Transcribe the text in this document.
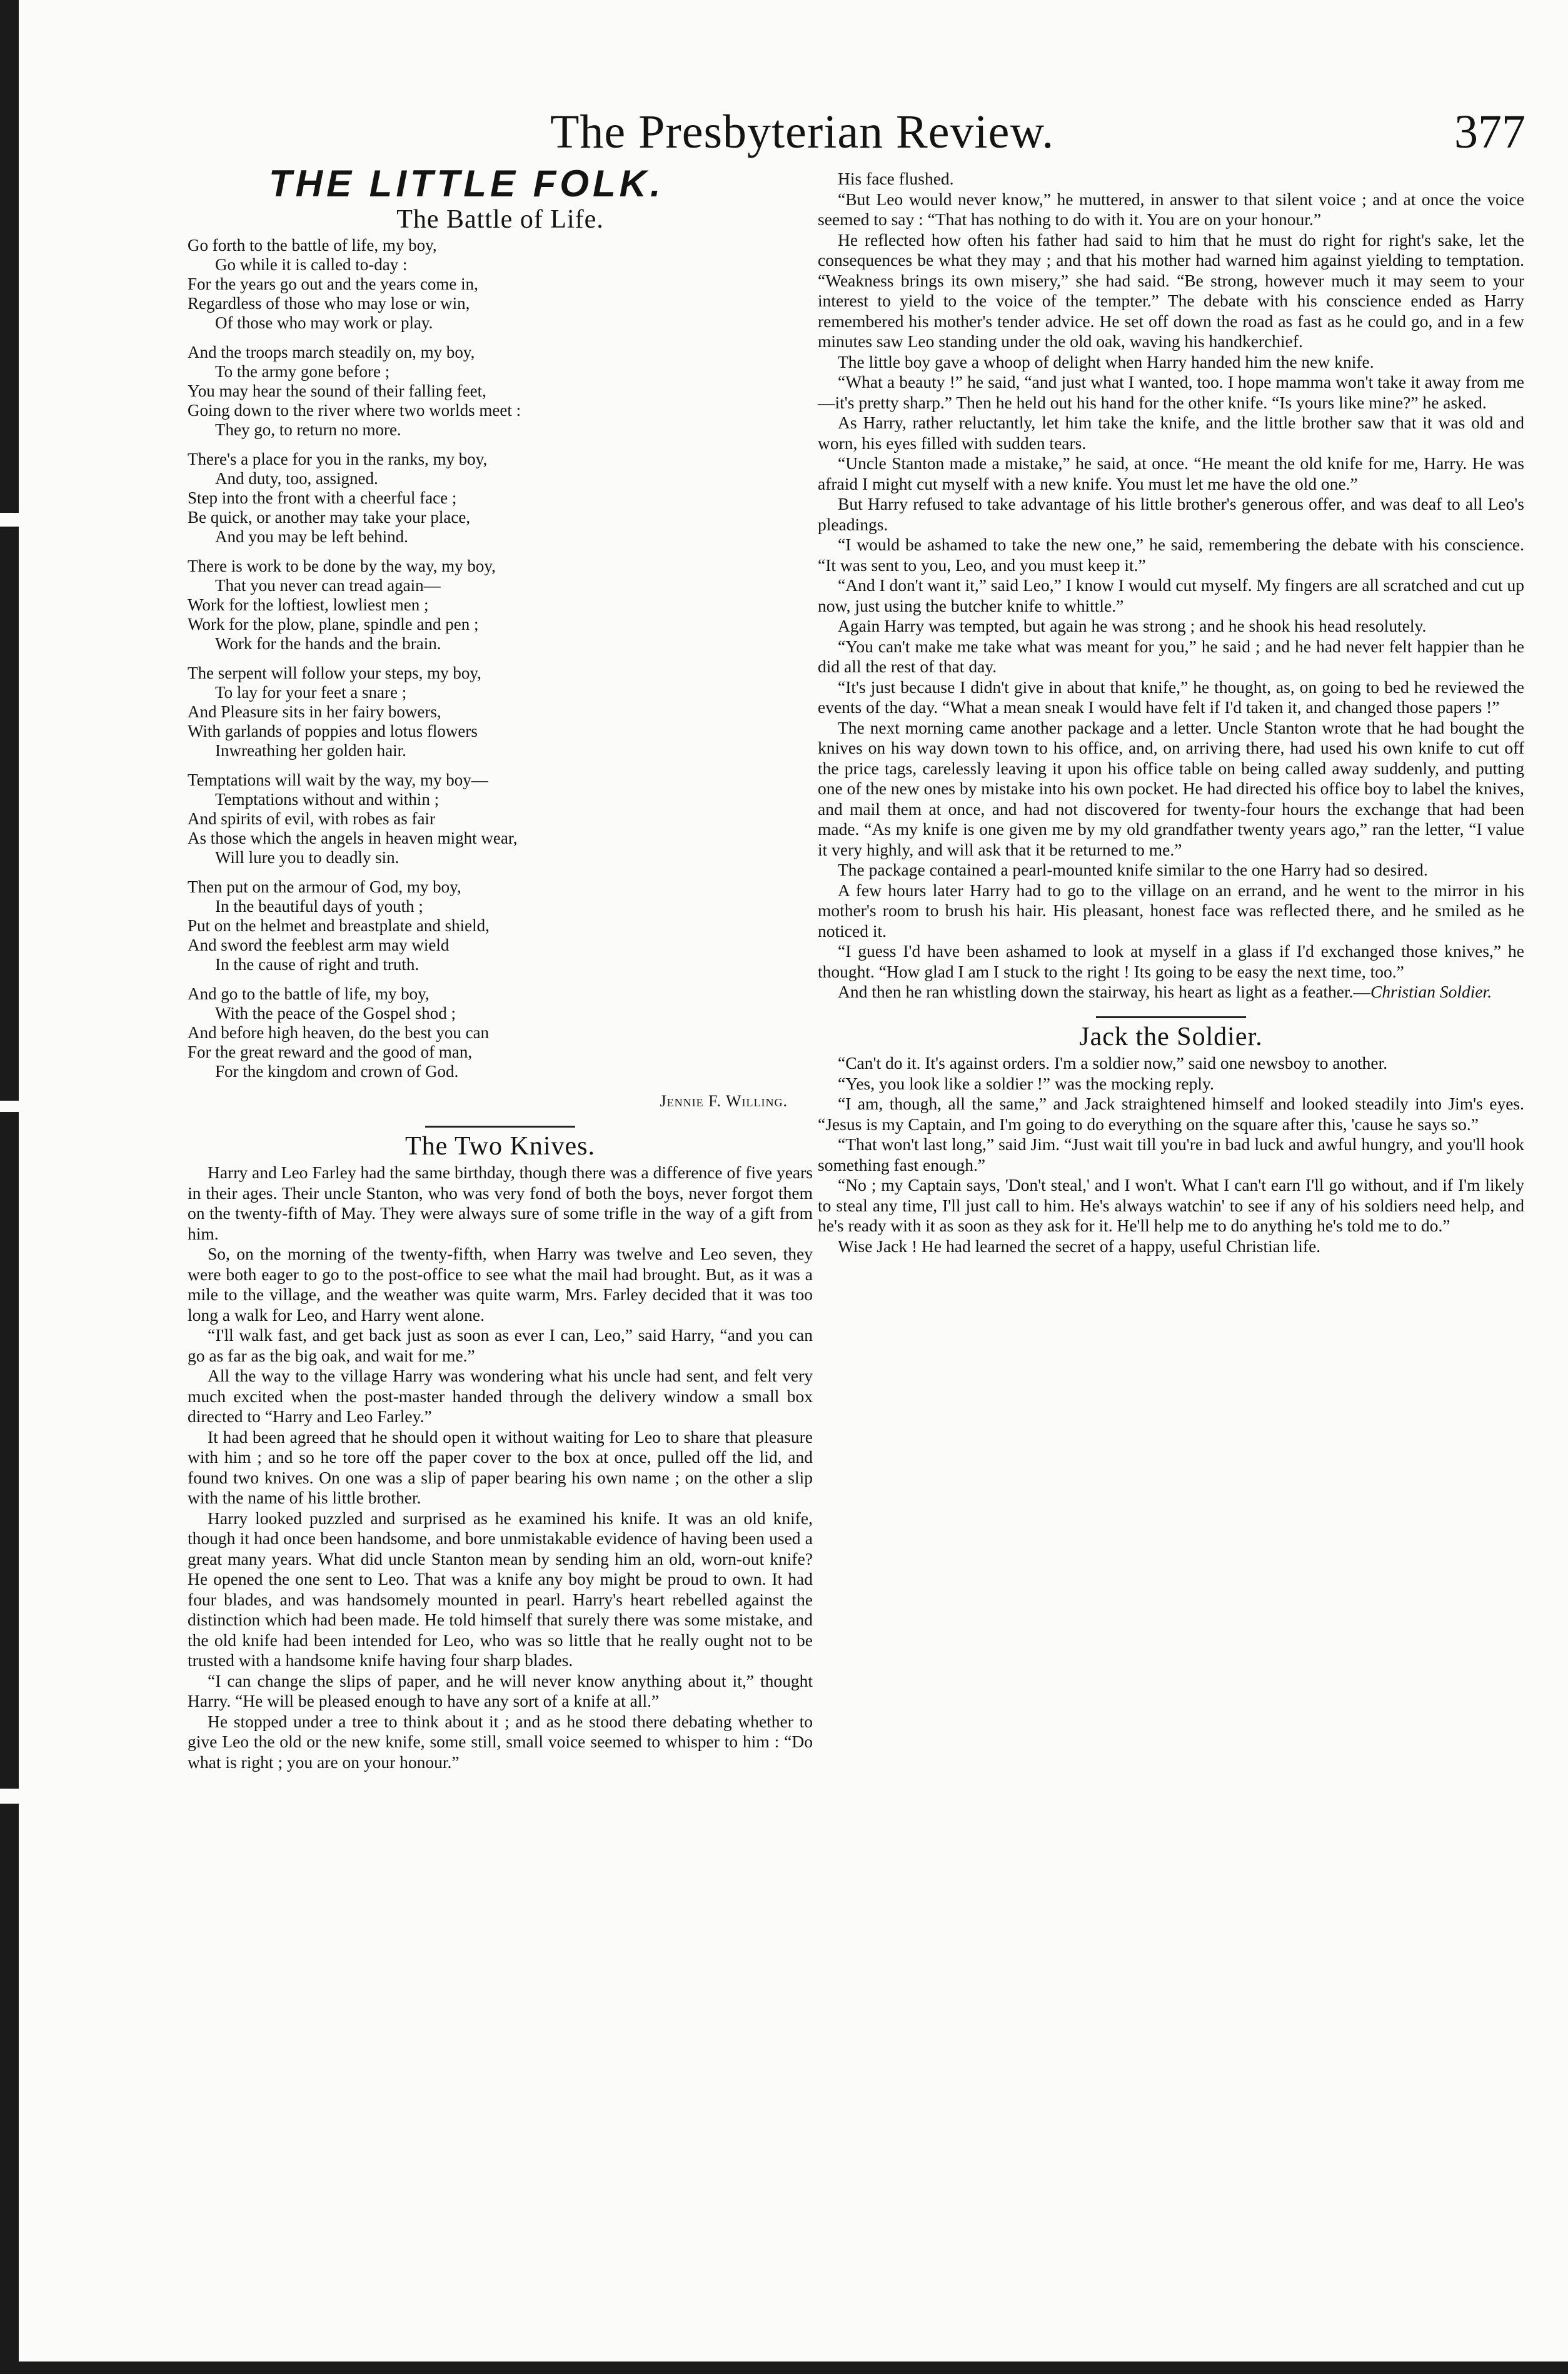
The Presbyterian Review.	377
THE LITTLE FOLK.
The Battle of Life.
Go forth to the battle of life, my boy,
Go while it is called to-day :
For the years go out and the years come in,
Regardless of those who may lose or win,
Of those who may work or play.
And the troops march steadily on, my boy,
To the army gone before ;
You may hear the sound of their falling feet,
Going down to the river where two worlds meet :
They go, to return no more.
There's a place for you in the ranks, my boy,
And duty, too, assigned.
Step into the front with a cheerful face ;
Be quick, or another may take your place,
And you may be left behind.
There is work to be done by the way, my boy,
That you never can tread again—
Work for the loftiest, lowliest men ;
Work for the plow, plane, spindle and pen ;
Work for the hands and the brain.
The serpent will follow your steps, my boy,
To lay for your feet a snare ;
And Pleasure sits in her fairy bowers,
With garlands of poppies and lotus flowers
Inwreathing her golden hair.
Temptations will wait by the way, my boy—
Temptations without and within ;
And spirits of evil, with robes as fair
As those which the angels in heaven might wear,
Will lure you to deadly sin.
Then put on the armour of God, my boy,
In the beautiful days of youth ;
Put on the helmet and breastplate and shield,
And sword the feeblest arm may wield
In the cause of right and truth.
And go to the battle of life, my boy,
With the peace of the Gospel shod ;
And before high heaven, do the best you can
For the great reward and the good of man,
For the kingdom and crown of God.
Jennie F. Willing.
The Two Knives.

Harry and Leo Farley had the same birthday, though there was a difference of five years in their ages. Their uncle Stanton, who was very fond of both the boys, never forgot them on the twenty-fifth of May. They were always sure of some trifle in the way of a gift from him.

So, on the morning of the twenty-fifth, when Harry was twelve and Leo seven, they were both eager to go to the post-office to see what the mail had brought. But, as it was a mile to the village, and the weather was quite warm, Mrs. Farley decided that it was too long a walk for Leo, and Harry went alone.

“I'll walk fast, and get back just as soon as ever I can, Leo,” said Harry, “and you can go as far as the big oak, and wait for me.”

All the way to the village Harry was wondering what his uncle had sent, and felt very much excited when the post-master handed through the delivery window a small box directed to “Harry and Leo Farley.”

It had been agreed that he should open it without waiting for Leo to share that pleasure with him ; and so he tore off the paper cover to the box at once, pulled off the lid, and found two knives. On one was a slip of paper bearing his own name ; on the other a slip with the name of his little brother.

Harry looked puzzled and surprised as he examined his knife. It was an old knife, though it had once been handsome, and bore unmistakable evidence of having been used a great many years. What did uncle Stanton mean by sending him an old, worn-out knife? He opened the one sent to Leo. That was a knife any boy might be proud to own. It had four blades, and was handsomely mounted in pearl. Harry's heart rebelled against the distinction which had been made. He told himself that surely there was some mistake, and the old knife had been intended for Leo, who was so little that he really ought not to be trusted with a handsome knife having four sharp blades.

“I can change the slips of paper, and he will never know anything about it,” thought Harry. “He will be pleased enough to have any sort of a knife at all.”

He stopped under a tree to think about it ; and as he stood there debating whether to give Leo the old or the new knife, some still, small voice seemed to whisper to him : “Do what is right ; you are on your honour.”

His face flushed.

“But Leo would never know,” he muttered, in answer to that silent voice ; and at once the voice seemed to say : “That has nothing to do with it. You are on your honour.”

He reflected how often his father had said to him that he must do right for right's sake, let the consequences be what they may ; and that his mother had warned him against yielding to temptation. “Weakness brings its own misery,” she had said. “Be strong, however much it may seem to your interest to yield to the voice of the tempter.” The debate with his conscience ended as Harry remembered his mother's tender advice. He set off down the road as fast as he could go, and in a few minutes saw Leo standing under the old oak, waving his handkerchief.

The little boy gave a whoop of delight when Harry handed him the new knife.

“What a beauty !” he said, “and just what I wanted, too. I hope mamma won't take it away from me—it's pretty sharp.” Then he held out his hand for the other knife. “Is yours like mine?” he asked.

As Harry, rather reluctantly, let him take the knife, and the little brother saw that it was old and worn, his eyes filled with sudden tears.

“Uncle Stanton made a mistake,” he said, at once. “He meant the old knife for me, Harry. He was afraid I might cut myself with a new knife. You must let me have the old one.”

But Harry refused to take advantage of his little brother's generous offer, and was deaf to all Leo's pleadings.

“I would be ashamed to take the new one,” he said, remembering the debate with his conscience. “It was sent to you, Leo, and you must keep it.”

“And I don't want it,” said Leo,” I know I would cut myself. My fingers are all scratched and cut up now, just using the butcher knife to whittle.”

Again Harry was tempted, but again he was strong ; and he shook his head resolutely.

“You can't make me take what was meant for you,” he said ; and he had never felt happier than he did all the rest of that day.

“It's just because I didn't give in about that knife,” he thought, as, on going to bed he reviewed the events of the day. “What a mean sneak I would have felt if I'd taken it, and changed those papers !”

The next morning came another package and a letter. Uncle Stanton wrote that he had bought the knives on his way down town to his office, and, on arriving there, had used his own knife to cut off the price tags, carelessly leaving it upon his office table on being called away suddenly, and putting one of the new ones by mistake into his own pocket. He had directed his office boy to label the knives, and mail them at once, and had not discovered for twenty-four hours the exchange that had been made. “As my knife is one given me by my old grandfather twenty years ago,” ran the letter, “I value it very highly, and will ask that it be returned to me.”

The package contained a pearl-mounted knife similar to the one Harry had so desired.

A few hours later Harry had to go to the village on an errand, and he went to the mirror in his mother's room to brush his hair. His pleasant, honest face was reflected there, and he smiled as he noticed it.

“I guess I'd have been ashamed to look at myself in a glass if I'd exchanged those knives,” he thought. “How glad I am I stuck to the right ! Its going to be easy the next time, too.”

And then he ran whistling down the stairway, his heart as light as a feather.—Christian Soldier.

Jack the Soldier.

“Can't do it. It's against orders. I'm a soldier now,” said one newsboy to another.

“Yes, you look like a soldier !” was the mocking reply.

“I am, though, all the same,” and Jack straightened himself and looked steadily into Jim's eyes. “Jesus is my Captain, and I'm going to do everything on the square after this, 'cause he says so.”

“That won't last long,” said Jim. “Just wait till you're in bad luck and awful hungry, and you'll hook something fast enough.”

“No ; my Captain says, 'Don't steal,' and I won't. What I can't earn I'll go without, and if I'm likely to steal any time, I'll just call to him. He's always watchin' to see if any of his soldiers need help, and he's ready with it as soon as they ask for it. He'll help me to do anything he's told me to do.”

Wise Jack ! He had learned the secret of a happy, useful Christian life.
